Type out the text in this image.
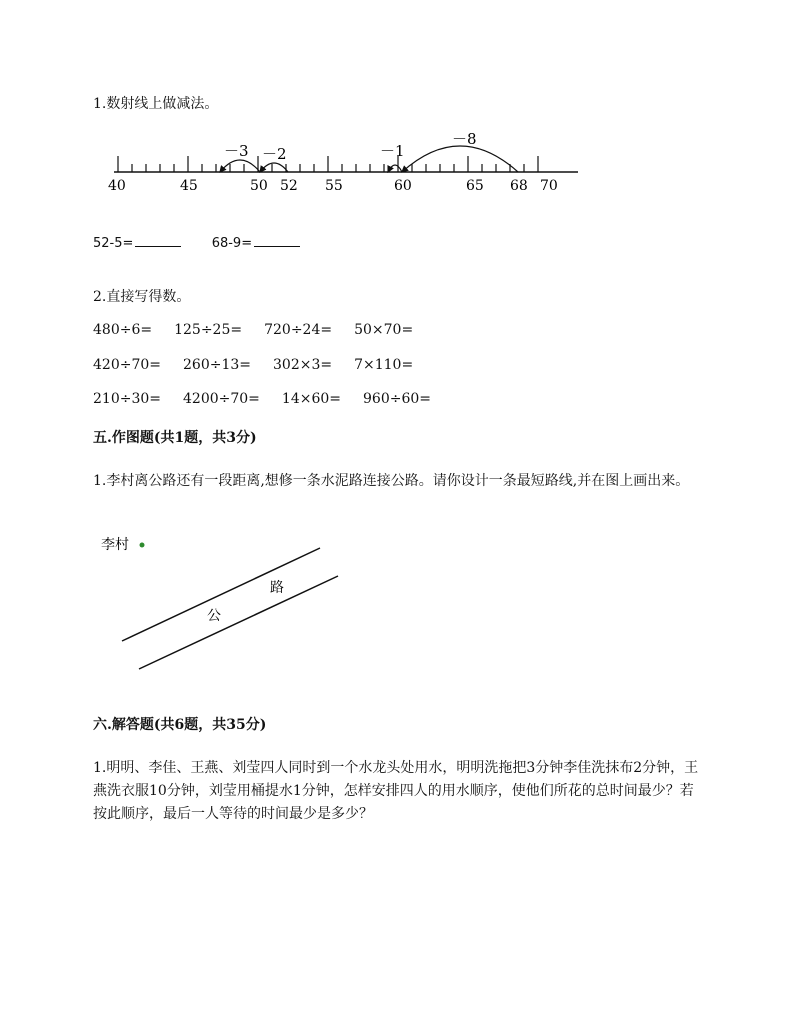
1.数射线上做减法。
－3 －2	－1
－8
40	45	50 52 55	60	65 68 70
52-5=	68-9=
2.直接写得数。
480÷6= 125÷25= 720÷24= 50×70=
420÷70= 260÷13= 302×3= 7×110=
210÷30= 4200÷70= 14×60= 960÷60=
五.作图题(共1题，共3分)
1.李村离公路还有一段距离,想修一条水泥路连接公路。请你设计一条最短路线,并在图上画出来。
李村
路
公
六.解答题(共6题，共35分)
1.明明、李佳、王燕、刘莹四人同时到一个水龙头处用水，明明洗拖把3分钟李佳洗抹布2分钟，王燕洗衣服10分钟，刘莹用桶提水1分钟，怎样安排四人的用水顺序，使他们所花的总时间最少？若按此顺序，最后一人等待的时间最少是多少？
